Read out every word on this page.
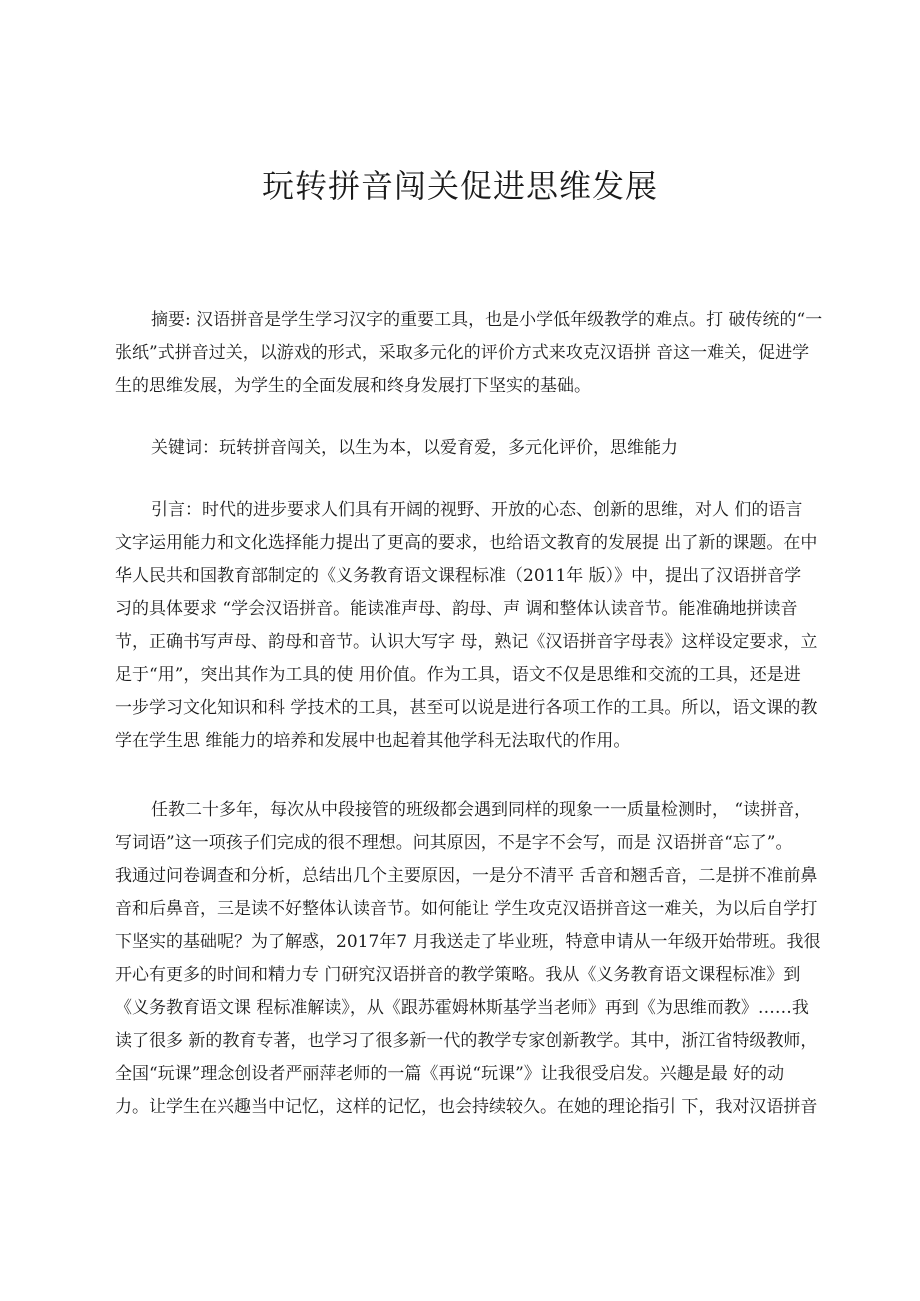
玩转拼音闯关促进思维发展

摘要: 汉语拼音是学生学习汉字的重要工具，也是小学低年级教学的难点。打 破传统的“一
张纸”式拼音过关，以游戏的形式，采取多元化的评价方式来攻克汉语拼 音这一难关，促进学
生的思维发展，为学生的全面发展和终身发展打下坚实的基础。

关键词：玩转拼音闯关，以生为本，以爱育爱，多元化评价，思维能力

引言：时代的进步要求人们具有开阔的视野、开放的心态、创新的思维，对人 们的语言
文字运用能力和文化选择能力提出了更高的要求，也给语文教育的发展提 出了新的课题。在中
华人民共和国教育部制定的《义务教育语文课程标准（2011年 版）》中，提出了汉语拼音学
习的具体要求 “学会汉语拼音。能读准声母、韵母、声 调和整体认读音节。能准确地拼读音
节，正确书写声母、韵母和音节。认识大写字 母，熟记《汉语拼音字母表》这样设定要求，立
足于“用”，突出其作为工具的使 用价值。作为工具，语文不仅是思维和交流的工具，还是进
一步学习文化知识和科 学技术的工具，甚至可以说是进行各项工作的工具。所以，语文课的教
学在学生思 维能力的培养和发展中也起着其他学科无法取代的作用。

任教二十多年，每次从中段接管的班级都会遇到同样的现象一一质量检测时， “读拼音，
写词语”这一项孩子们完成的很不理想。问其原因，不是字不会写，而是 汉语拼音“忘了”。
我通过问卷调查和分析，总结出几个主要原因，一是分不清平 舌音和翘舌音，二是拼不准前鼻
音和后鼻音，三是读不好整体认读音节。如何能让 学生攻克汉语拼音这一难关，为以后自学打
下坚实的基础呢？为了解惑，2017年7 月我送走了毕业班，特意申请从一年级开始带班。我很
开心有更多的时间和精力专 门研究汉语拼音的教学策略。我从《义务教育语文课程标准》到
《义务教育语文课 程标准解读》，从《跟苏霍姆林斯基学当老师》再到《为思维而教》……我
读了很多 新的教育专著，也学习了很多新一代的教学专家创新教学。其中，浙江省特级教师，
全国“玩课”理念创设者严丽萍老师的一篇《再说“玩课”》让我很受启发。兴趣是最 好的动
力。让学生在兴趣当中记忆，这样的记忆，也会持续较久。在她的理论指引 下，我对汉语拼音
